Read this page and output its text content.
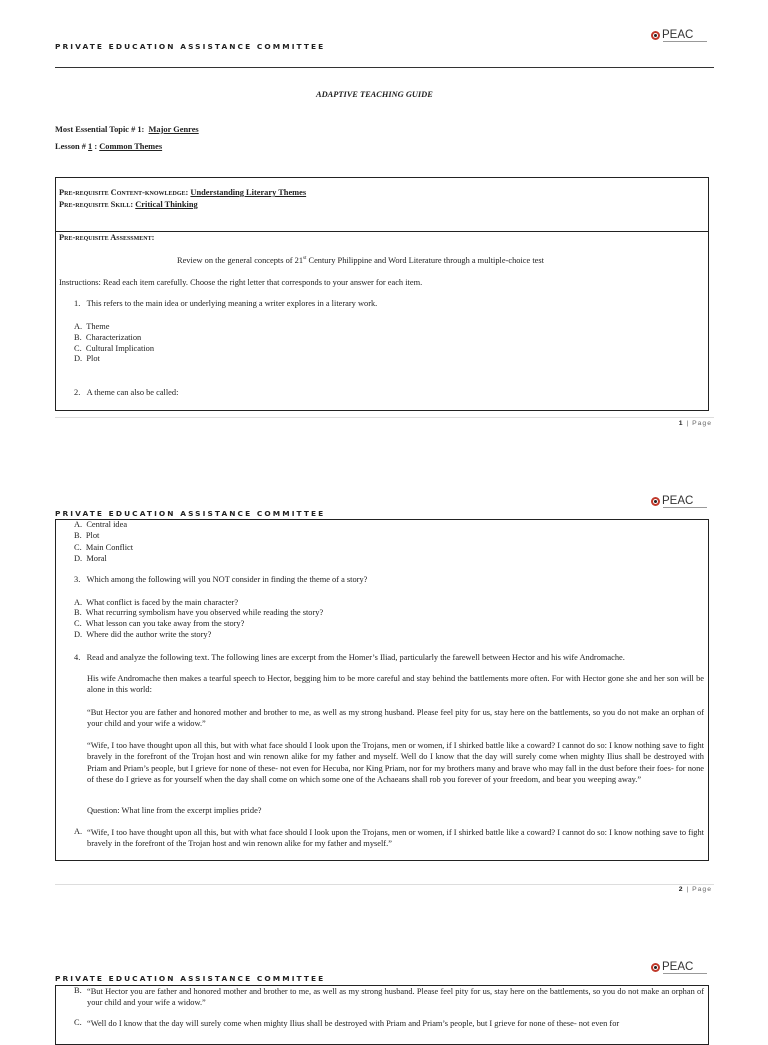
PRIVATE EDUCATION ASSISTANCE COMMITTEE
PEAC
ADAPTIVE TEACHING GUIDE
Most Essential Topic # 1: Major Genres
Lesson # 1 : Common Themes
Pre-requisite Content-knowledge: Understanding Literary Themes
Pre-requisite Skill: Critical Thinking
Pre-requisite Assessment:
Review on the general concepts of 21st Century Philippine and Word Literature through a multiple-choice test
Instructions: Read each item carefully. Choose the right letter that corresponds to your answer for each item.
1. This refers to the main idea or underlying meaning a writer explores in a literary work.
A. Theme
B. Characterization
C. Cultural Implication
D. Plot
2. A theme can also be called:
1 | Page
PRIVATE EDUCATION ASSISTANCE COMMITTEE
PEAC
A. Central idea
B. Plot
C. Main Conflict
D. Moral
3. Which among the following will you NOT consider in finding the theme of a story?
A. What conflict is faced by the main character?
B. What recurring symbolism have you observed while reading the story?
C. What lesson can you take away from the story?
D. Where did the author write the story?
4. Read and analyze the following text. The following lines are excerpt from the Homer’s Iliad, particularly the farewell between Hector and his wife Andromache.
His wife Andromache then makes a tearful speech to Hector, begging him to be more careful and stay behind the battlements more often. For with Hector gone she and her son will be alone in this world:
“But Hector you are father and honored mother and brother to me, as well as my strong husband. Please feel pity for us, stay here on the battlements, so you do not make an orphan of your child and your wife a widow.”
“Wife, I too have thought upon all this, but with what face should I look upon the Trojans, men or women, if I shirked battle like a coward? I cannot do so: I know nothing save to fight bravely in the forefront of the Trojan host and win renown alike for my father and myself. Well do I know that the day will surely come when mighty Ilius shall be destroyed with Priam and Priam’s people, but I grieve for none of these- not even for Hecuba, nor King Priam, nor for my brothers many and brave who may fall in the dust before their foes- for none of these do I grieve as for yourself when the day shall come on which some one of the Achaeans shall rob you forever of your freedom, and bear you weeping away.”
Question: What line from the excerpt implies pride?
A. “Wife, I too have thought upon all this, but with what face should I look upon the Trojans, men or women, if I shirked battle like a coward? I cannot do so: I know nothing save to fight bravely in the forefront of the Trojan host and win renown alike for my father and myself.”
2 | Page
PRIVATE EDUCATION ASSISTANCE COMMITTEE
PEAC
B. “But Hector you are father and honored mother and brother to me, as well as my strong husband. Please feel pity for us, stay here on the battlements, so you do not make an orphan of your child and your wife a widow.”
C. “Well do I know that the day will surely come when mighty Ilius shall be destroyed with Priam and Priam’s people, but I grieve for none of these- not even for
